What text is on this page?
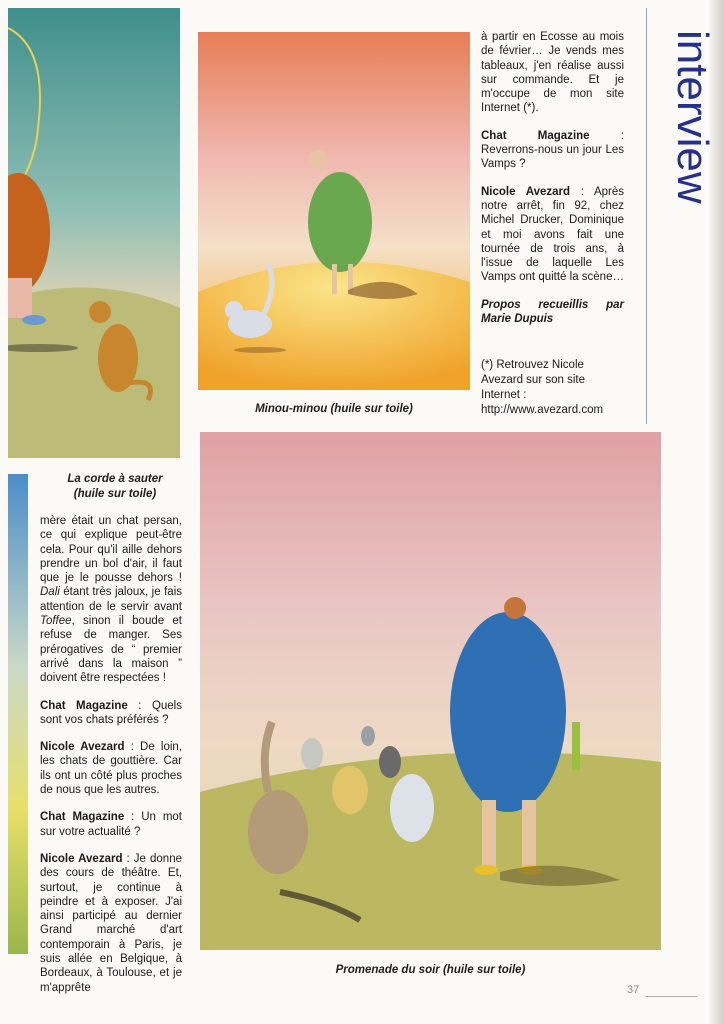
La corde à sauter (huile sur toile)
Minou-minou (huile sur toile)
Promenade du soir (huile sur toile)
interview

à partir en Ecosse au mois de février… Je vends mes tableaux, j'en réalise aussi sur commande. Et je m'occupe de mon site Internet (*).

Chat Magazine : Reverrons-nous un jour Les Vamps ?

Nicole Avezard : Après notre arrêt, fin 92, chez Michel Drucker, Dominique et moi avons fait une tournée de trois ans, à l'issue de laquelle Les Vamps ont quitté la scène…

Propos recueillis par Marie Dupuis

(*) Retrouvez Nicole Avezard sur son site Internet : http://www.avezard.com

mère était un chat persan, ce qui explique peut-être cela. Pour qu'il aille dehors prendre un bol d'air, il faut que je le pousse dehors ! Dali étant très jaloux, je fais attention de le servir avant Toffee, sinon il boude et refuse de manger. Ses prérogatives de “ premier arrivé dans la maison ” doivent être respectées !

Chat Magazine : Quels sont vos chats préférés ?

Nicole Avezard : De loin, les chats de gouttière. Car ils ont un côté plus proches de nous que les autres.

Chat Magazine : Un mot sur votre actualité ?

Nicole Avezard : Je donne des cours de théâtre. Et, surtout, je continue à peindre et à exposer. J'ai ainsi participé au dernier Grand marché d'art contemporain à Paris, je suis allée en Belgique, à Bordeaux, à Toulouse, et je m'apprête	37
